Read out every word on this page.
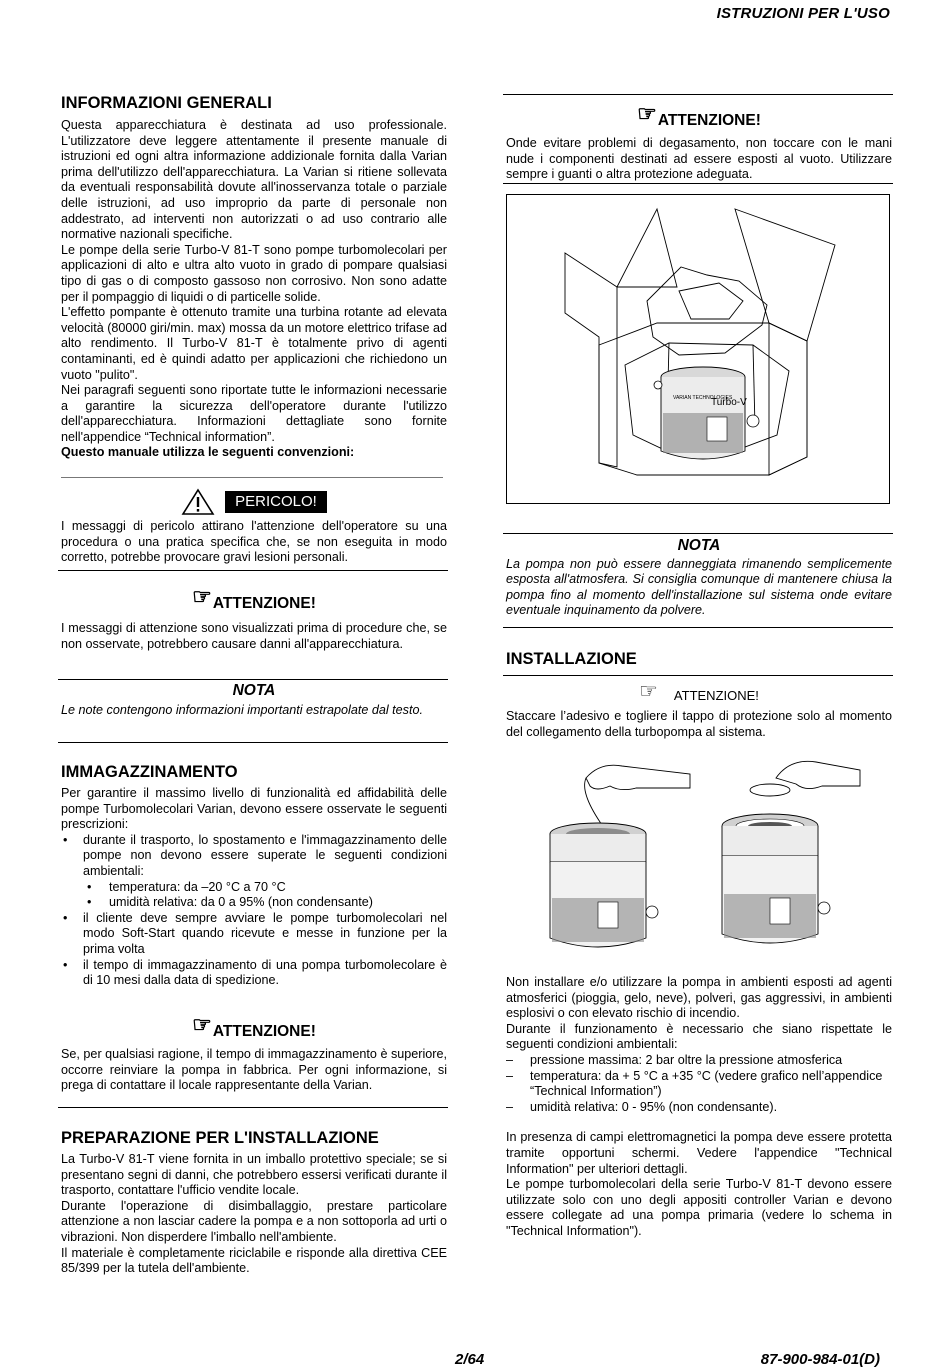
ISTRUZIONI PER L'USO
INFORMAZIONI GENERALI

Questa apparecchiatura è destinata ad uso professionale. L'utilizzatore deve leggere attentamente il presente manuale di istruzioni ed ogni altra informazione addizionale fornita dalla Varian prima dell'utilizzo dell'apparecchiatura. La Varian si ritiene sollevata da eventuali responsabilità dovute all'inosservanza totale o parziale delle istruzioni, ad uso improprio da parte di personale non addestrato, ad interventi non autorizzati o ad uso contrario alle normative nazionali specifiche.

Le pompe della serie Turbo-V 81-T sono pompe turbomolecolari per applicazioni di alto e ultra alto vuoto in grado di pompare qualsiasi tipo di gas o di composto gassoso non corrosivo. Non sono adatte per il pompaggio di liquidi o di particelle solide.

L'effetto pompante è ottenuto tramite una turbina rotante ad elevata velocità (80000 giri/min. max) mossa da un motore elettrico trifase ad alto rendimento. Il Turbo-V 81-T è totalmente privo di agenti contaminanti, ed è quindi adatto per applicazioni che richiedono un vuoto "pulito".

Nei paragrafi seguenti sono riportate tutte le informazioni necessarie a garantire la sicurezza dell'operatore durante l'utilizzo dell'apparecchiatura. Informazioni dettagliate sono fornite nell'appendice “Technical information”.

Questo manuale utilizza le seguenti convenzioni:

PERICOLO!

I messaggi di pericolo attirano l'attenzione dell'operatore su una procedura o una pratica specifica che, se non eseguita in modo corretto, potrebbe provocare gravi lesioni personali.

☞ATTENZIONE!

I messaggi di attenzione sono visualizzati prima di procedure che, se non osservate, potrebbero causare danni all'apparecchiatura.

NOTA

Le note contengono informazioni importanti estrapolate dal testo.

IMMAGAZZINAMENTO

Per garantire il massimo livello di funzionalità ed affidabilità delle pompe Turbomolecolari Varian, devono essere osservate le seguenti prescrizioni:

• durante il trasporto, lo spostamento e l'immagazzinamento delle pompe non devono essere superate le seguenti condizioni ambientali:
• temperatura: da –20 °C a 70 °C
• umidità relativa: da 0 a 95% (non condensante)
• il cliente deve sempre avviare le pompe turbomolecolari nel modo Soft-Start quando ricevute e messe in funzione per la prima volta
• il tempo di immagazzinamento di una pompa turbomolecolare è di 10 mesi dalla data di spedizione.
☞ATTENZIONE!

Se, per qualsiasi ragione, il tempo di immagazzinamento è superiore, occorre reinviare la pompa in fabbrica. Per ogni informazione, si prega di contattare il locale rappresentante della Varian.

PREPARAZIONE PER L'INSTALLAZIONE

La Turbo-V 81-T viene fornita in un imballo protettivo speciale; se si presentano segni di danni, che potrebbero essersi verificati durante il trasporto, contattare l'ufficio vendite locale.

Durante l'operazione di disimballaggio, prestare particolare attenzione a non lasciar cadere la pompa e a non sottoporla ad urti o vibrazioni. Non disperdere l'imballo nell'ambiente.

Il materiale è completamente riciclabile e risponde alla direttiva CEE 85/399 per la tutela dell'ambiente.

☞ATTENZIONE!

Onde evitare problemi di degasamento, non toccare con le mani nude i componenti destinati ad essere esposti al vuoto. Utilizzare sempre i guanti o altra protezione adeguata.

VARIAN TECHNOLOGIES
Turbo-V
NOTA

La pompa non può essere danneggiata rimanendo semplicemente esposta all'atmosfera. Si consiglia comunque di mantenere chiusa la pompa fino al momento dell'installazione sul sistema onde evitare eventuale inquinamento da polvere.

INSTALLAZIONE
☞ ATTENZIONE!

Staccare l’adesivo e togliere il tappo di protezione solo al momento del collegamento della turbopompa al sistema.

Non installare e/o utilizzare la pompa in ambienti esposti ad agenti atmosferici (pioggia, gelo, neve), polveri, gas aggressivi, in ambienti esplosivi o con elevato rischio di incendio.

Durante il funzionamento è necessario che siano rispettate le seguenti condizioni ambientali:

– pressione massima: 2 bar oltre la pressione atmosferica
– temperatura: da + 5 °C a +35 °C (vedere grafico nell’appendice “Technical Information”)
– umidità relativa: 0 - 95% (non condensante).

In presenza di campi elettromagnetici la pompa deve essere protetta tramite opportuni schermi. Vedere l'appendice "Technical Information" per ulteriori dettagli.

Le pompe turbomolecolari della serie Turbo-V 81-T devono essere utilizzate solo con uno degli appositi controller Varian e devono essere collegate ad una pompa primaria (vedere lo schema in "Technical Information").

2/64	87-900-984-01(D)
